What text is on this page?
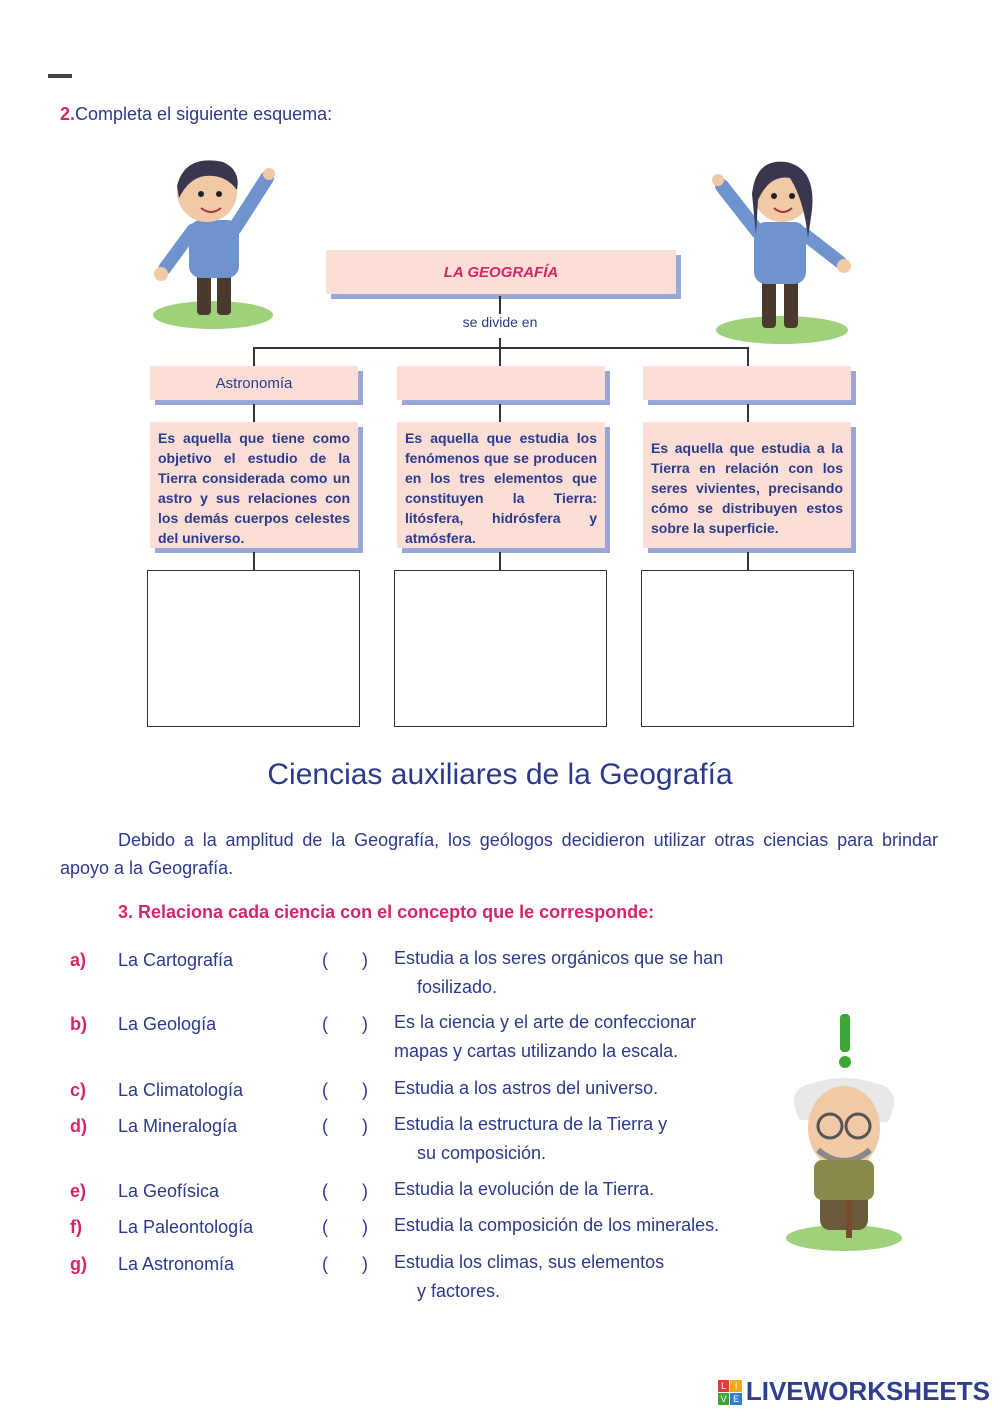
2.Completa el siguiente esquema:
LA GEOGRAFÍA
se divide en
Astronomía
Es aquella que tiene como objetivo el estudio de la Tierra considerada como un astro y sus relaciones con los demás cuerpos celestes del universo.
Es aquella que estudia los fenómenos que se producen en los tres elementos que constituyen la Tierra: litósfera, hidrósfera y atmósfera.
Es aquella que estudia a la Tierra en relación con los seres vivientes, precisando cómo se distribuyen estos sobre la superficie.
Ciencias auxiliares de la Geografía
Debido a la amplitud de la Geografía, los geólogos decidieron utilizar otras ciencias para brindar apoyo a la Geografía.
3. Relaciona cada ciencia con el concepto que le corresponde:
a) La Cartografía	( ) Estudia a los seres orgánicos que se han
fosilizado.
b) La Geología	( ) Es la ciencia y el arte de confeccionar
mapas y cartas utilizando la escala.
c) La Climatología	( ) Estudia a los astros del universo.
d) La Mineralogía	( ) Estudia la estructura de la Tierra y
su composición.
e) La Geofísica	( ) Estudia la evolución de la Tierra.
f) La Paleontología	( ) Estudia la composición de los minerales.
g) La Astronomía	( ) Estudia los climas, sus elementos
y factores.
L I
V E LIVEWORKSHEETS
